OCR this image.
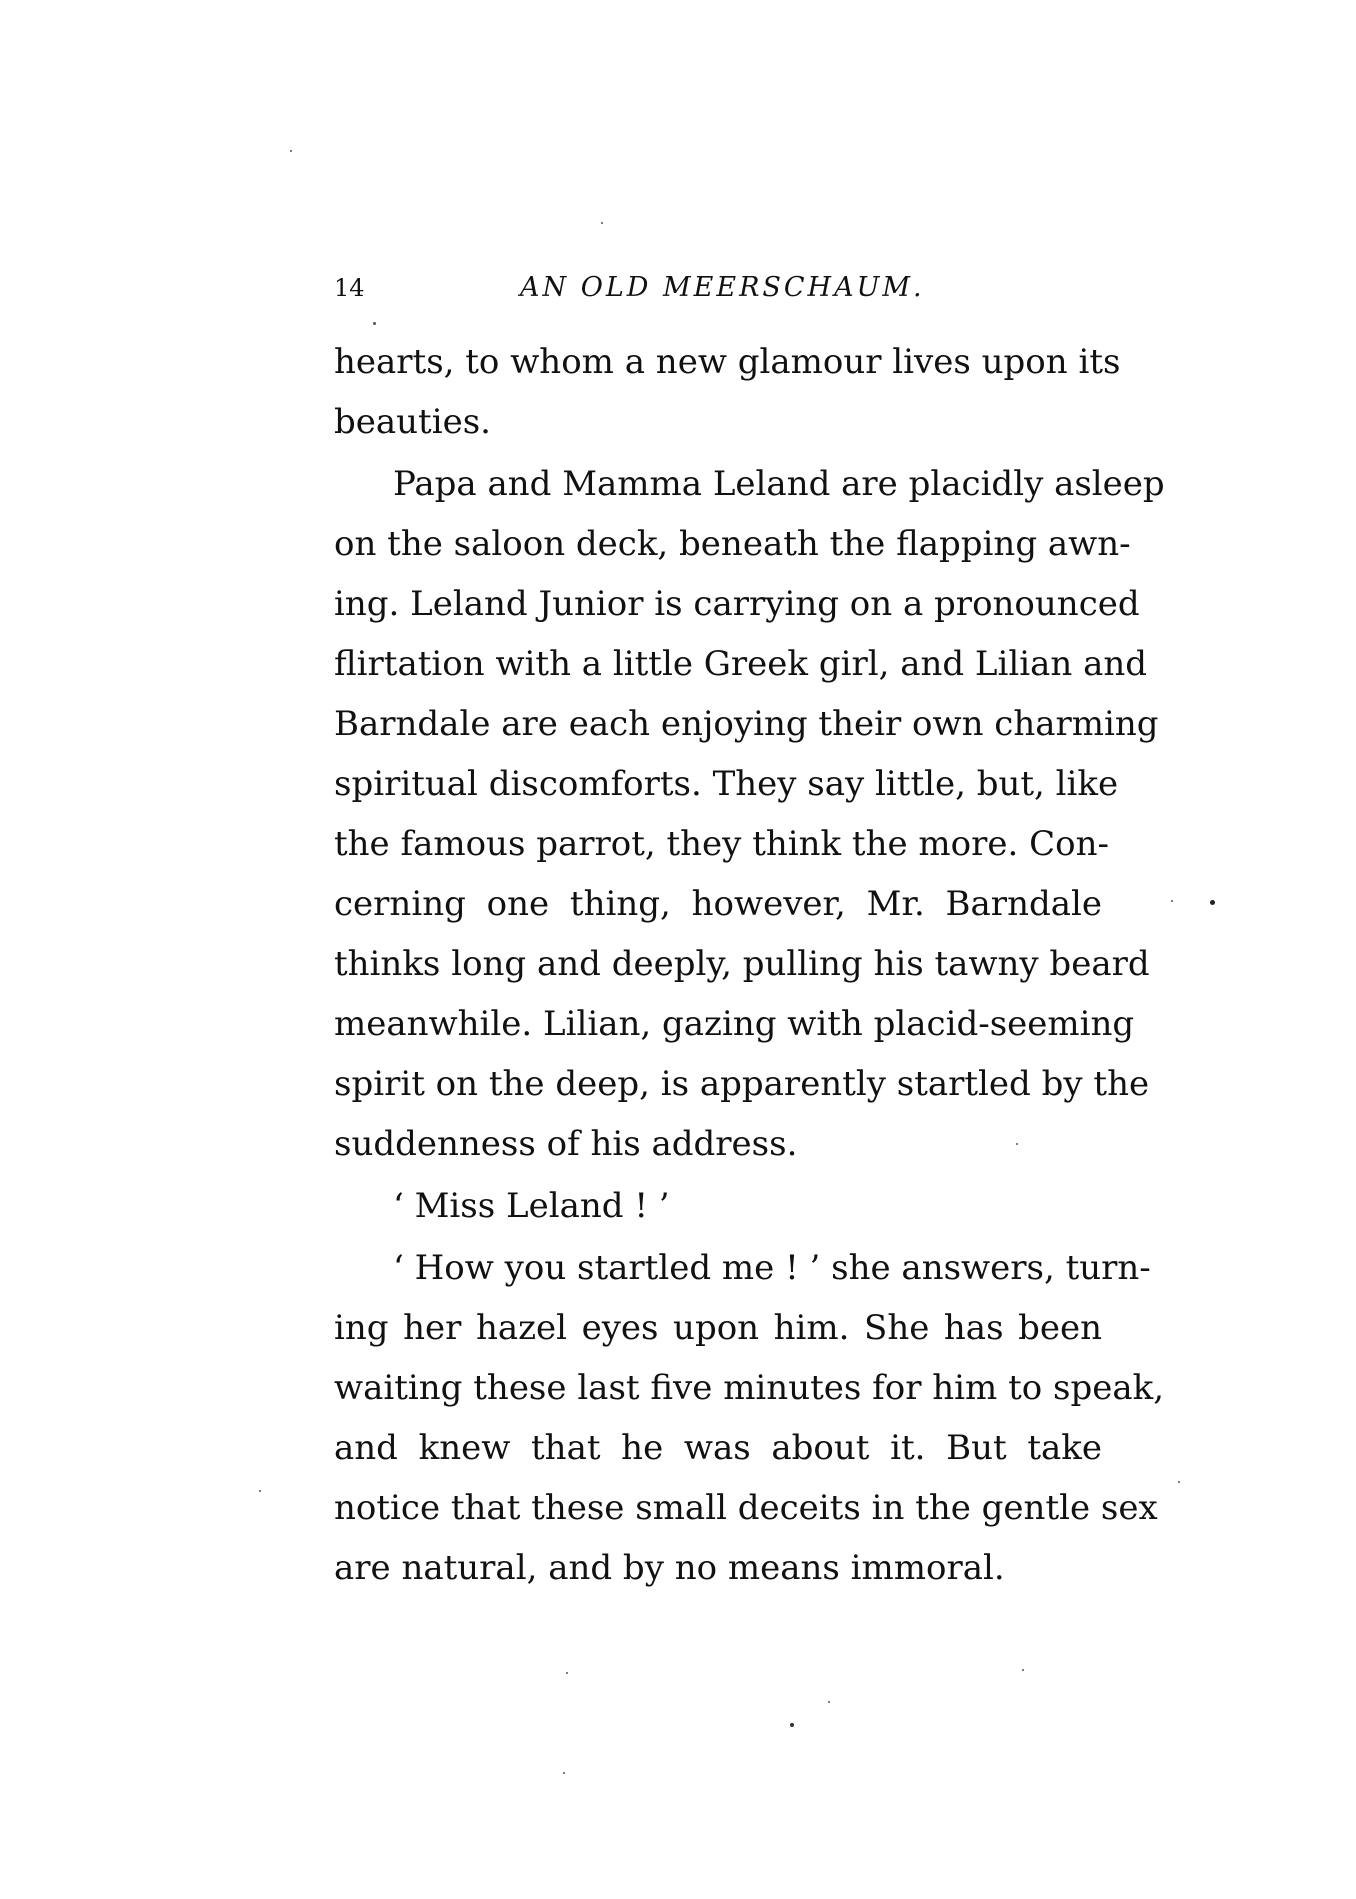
14	AN OLD MEERSCHAUM.
hearts, to whom a new glamour lives upon its
beauties.
Papa and Mamma Leland are placidly asleep
on the saloon deck, beneath the flapping awn-
ing. Leland Junior is carrying on a pronounced
flirtation with a little Greek girl, and Lilian and
Barndale are each enjoying their own charming
spiritual discomforts. They say little, but, like
the famous parrot, they think the more. Con-
cerning one thing, however, Mr. Barndale
thinks long and deeply, pulling his tawny beard
meanwhile. Lilian, gazing with placid-seeming
spirit on the deep, is apparently startled by the
suddenness of his address.
‘ Miss Leland ! ’
‘ How you startled me ! ’ she answers, turn-
ing her hazel eyes upon him. She has been
waiting these last five minutes for him to speak,
and knew that he was about it. But take
notice that these small deceits in the gentle sex
are natural, and by no means immoral.
